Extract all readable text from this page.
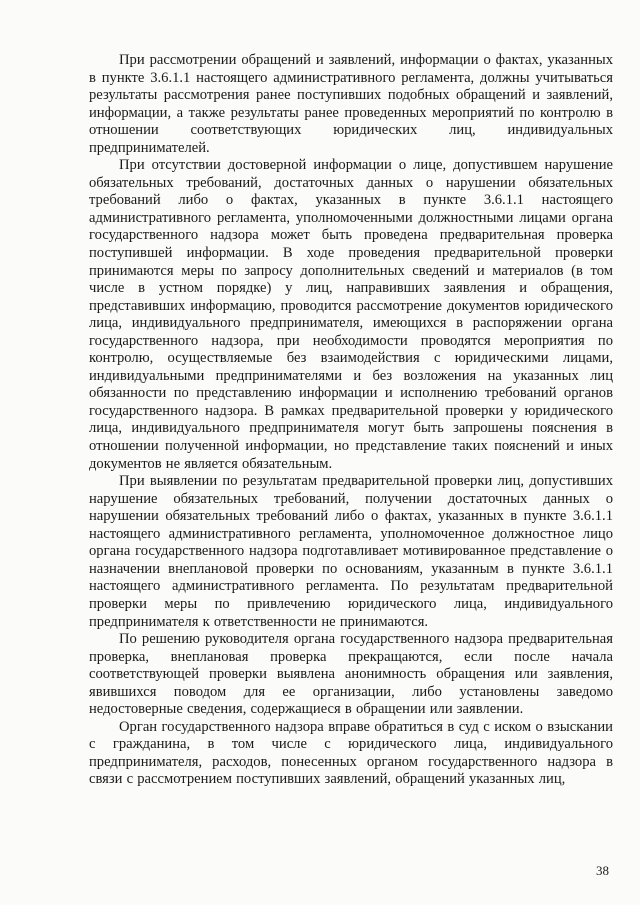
При рассмотрении обращений и заявлений, информации о фактах, указанных в пункте 3.6.1.1 настоящего административного регламента, должны учитываться результаты рассмотрения ранее поступивших подобных обращений и заявлений, информации, а также результаты ранее проведенных мероприятий по контролю в отношении соответствующих юридических лиц, индивидуальных предпринимателей.

При отсутствии достоверной информации о лице, допустившем нарушение обязательных требований, достаточных данных о нарушении обязательных требований либо о фактах, указанных в пункте 3.6.1.1 настоящего административного регламента, уполномоченными должностными лицами органа государственного надзора может быть проведена предварительная проверка поступившей информации. В ходе проведения предварительной проверки принимаются меры по запросу дополнительных сведений и материалов (в том числе в устном порядке) у лиц, направивших заявления и обращения, представивших информацию, проводится рассмотрение документов юридического лица, индивидуального предпринимателя, имеющихся в распоряжении органа государственного надзора, при необходимости проводятся мероприятия по контролю, осуществляемые без взаимодействия с юридическими лицами, индивидуальными предпринимателями и без возложения на указанных лиц обязанности по представлению информации и исполнению требований органов государственного надзора. В рамках предварительной проверки у юридического лица, индивидуального предпринимателя могут быть запрошены пояснения в отношении полученной информации, но представление таких пояснений и иных документов не является обязательным.

При выявлении по результатам предварительной проверки лиц, допустивших нарушение обязательных требований, получении достаточных данных о нарушении обязательных требований либо о фактах, указанных в пункте 3.6.1.1 настоящего административного регламента, уполномоченное должностное лицо органа государственного надзора подготавливает мотивированное представление о назначении внеплановой проверки по основаниям, указанным в пункте 3.6.1.1 настоящего административного регламента. По результатам предварительной проверки меры по привлечению юридического лица, индивидуального предпринимателя к ответственности не принимаются.

По решению руководителя органа государственного надзора предварительная проверка, внеплановая проверка прекращаются, если после начала соответствующей проверки выявлена анонимность обращения или заявления, явившихся поводом для ее организации, либо установлены заведомо недостоверные сведения, содержащиеся в обращении или заявлении.

Орган государственного надзора вправе обратиться в суд с иском о взыскании с гражданина, в том числе с юридического лица, индивидуального предпринимателя, расходов, понесенных органом государственного надзора в связи с рассмотрением поступивших заявлений, обращений указанных лиц,

38
